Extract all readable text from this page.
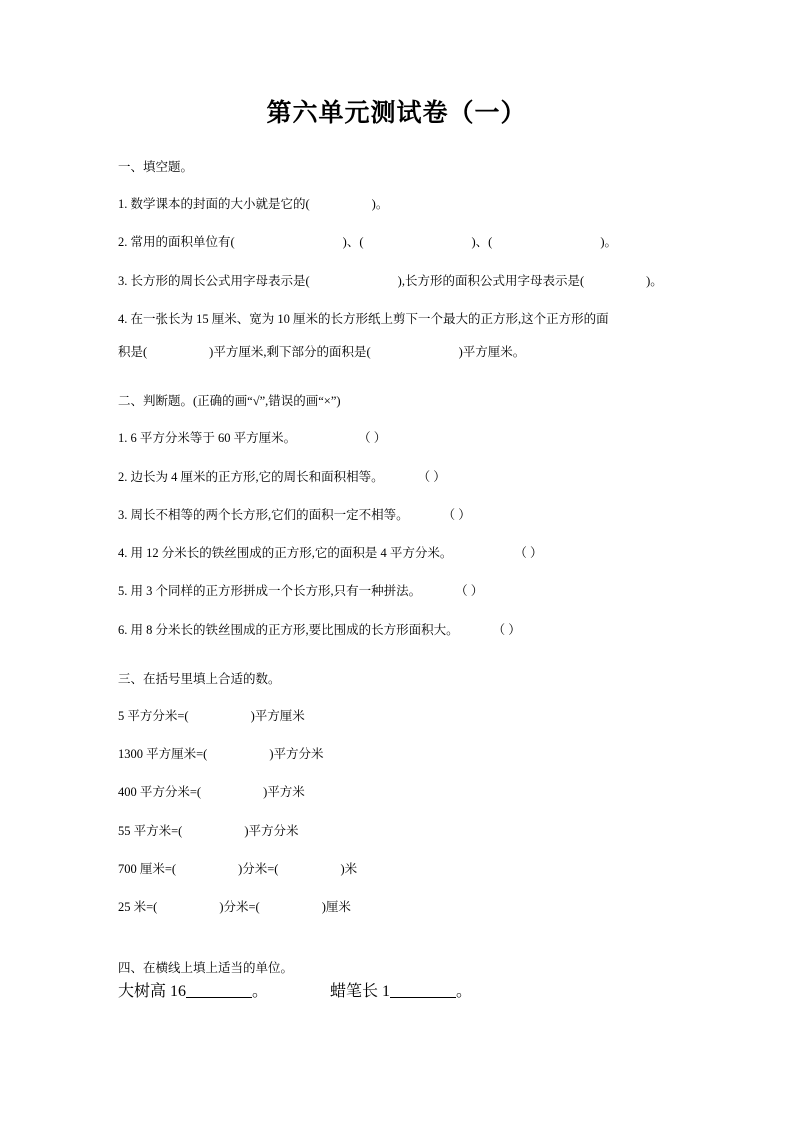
第六单元测试卷（一）
一、填空题。
1. 数学课本的封面的大小就是它的(	)。
2. 常用的面积单位有(	)、(	)、(	)。
3. 长方形的周长公式用字母表示是(	),长方形的面积公式用字母表示是(	)。
4. 在一张长为 15 厘米、宽为 10 厘米的长方形纸上剪下一个最大的正方形,这个正方形的面
积是(	)平方厘米,剩下部分的面积是(	)平方厘米。
二、判断题。(正确的画“√”,错误的画“×”)
1. 6 平方分米等于 60 平方厘米。	（ ）
2. 边长为 4 厘米的正方形,它的周长和面积相等。	（ ）
3. 周长不相等的两个长方形,它们的面积一定不相等。	（ ）
4. 用 12 分米长的铁丝围成的正方形,它的面积是 4 平方分米。	（ ）
5. 用 3 个同样的正方形拼成一个长方形,只有一种拼法。	（ ）
6. 用 8 分米长的铁丝围成的正方形,要比围成的长方形面积大。	（ ）
三、在括号里填上合适的数。
5 平方分米=(	)平方厘米
1300 平方厘米=(	)平方分米
400 平方分米=(	)平方米
55 平方米=(	)平方分米
700 厘米=(	)分米=(	)米
25 米=(	)分米=(	)厘米
四、在横线上填上适当的单位。
大树高 16	。	蜡笔长 1	。
